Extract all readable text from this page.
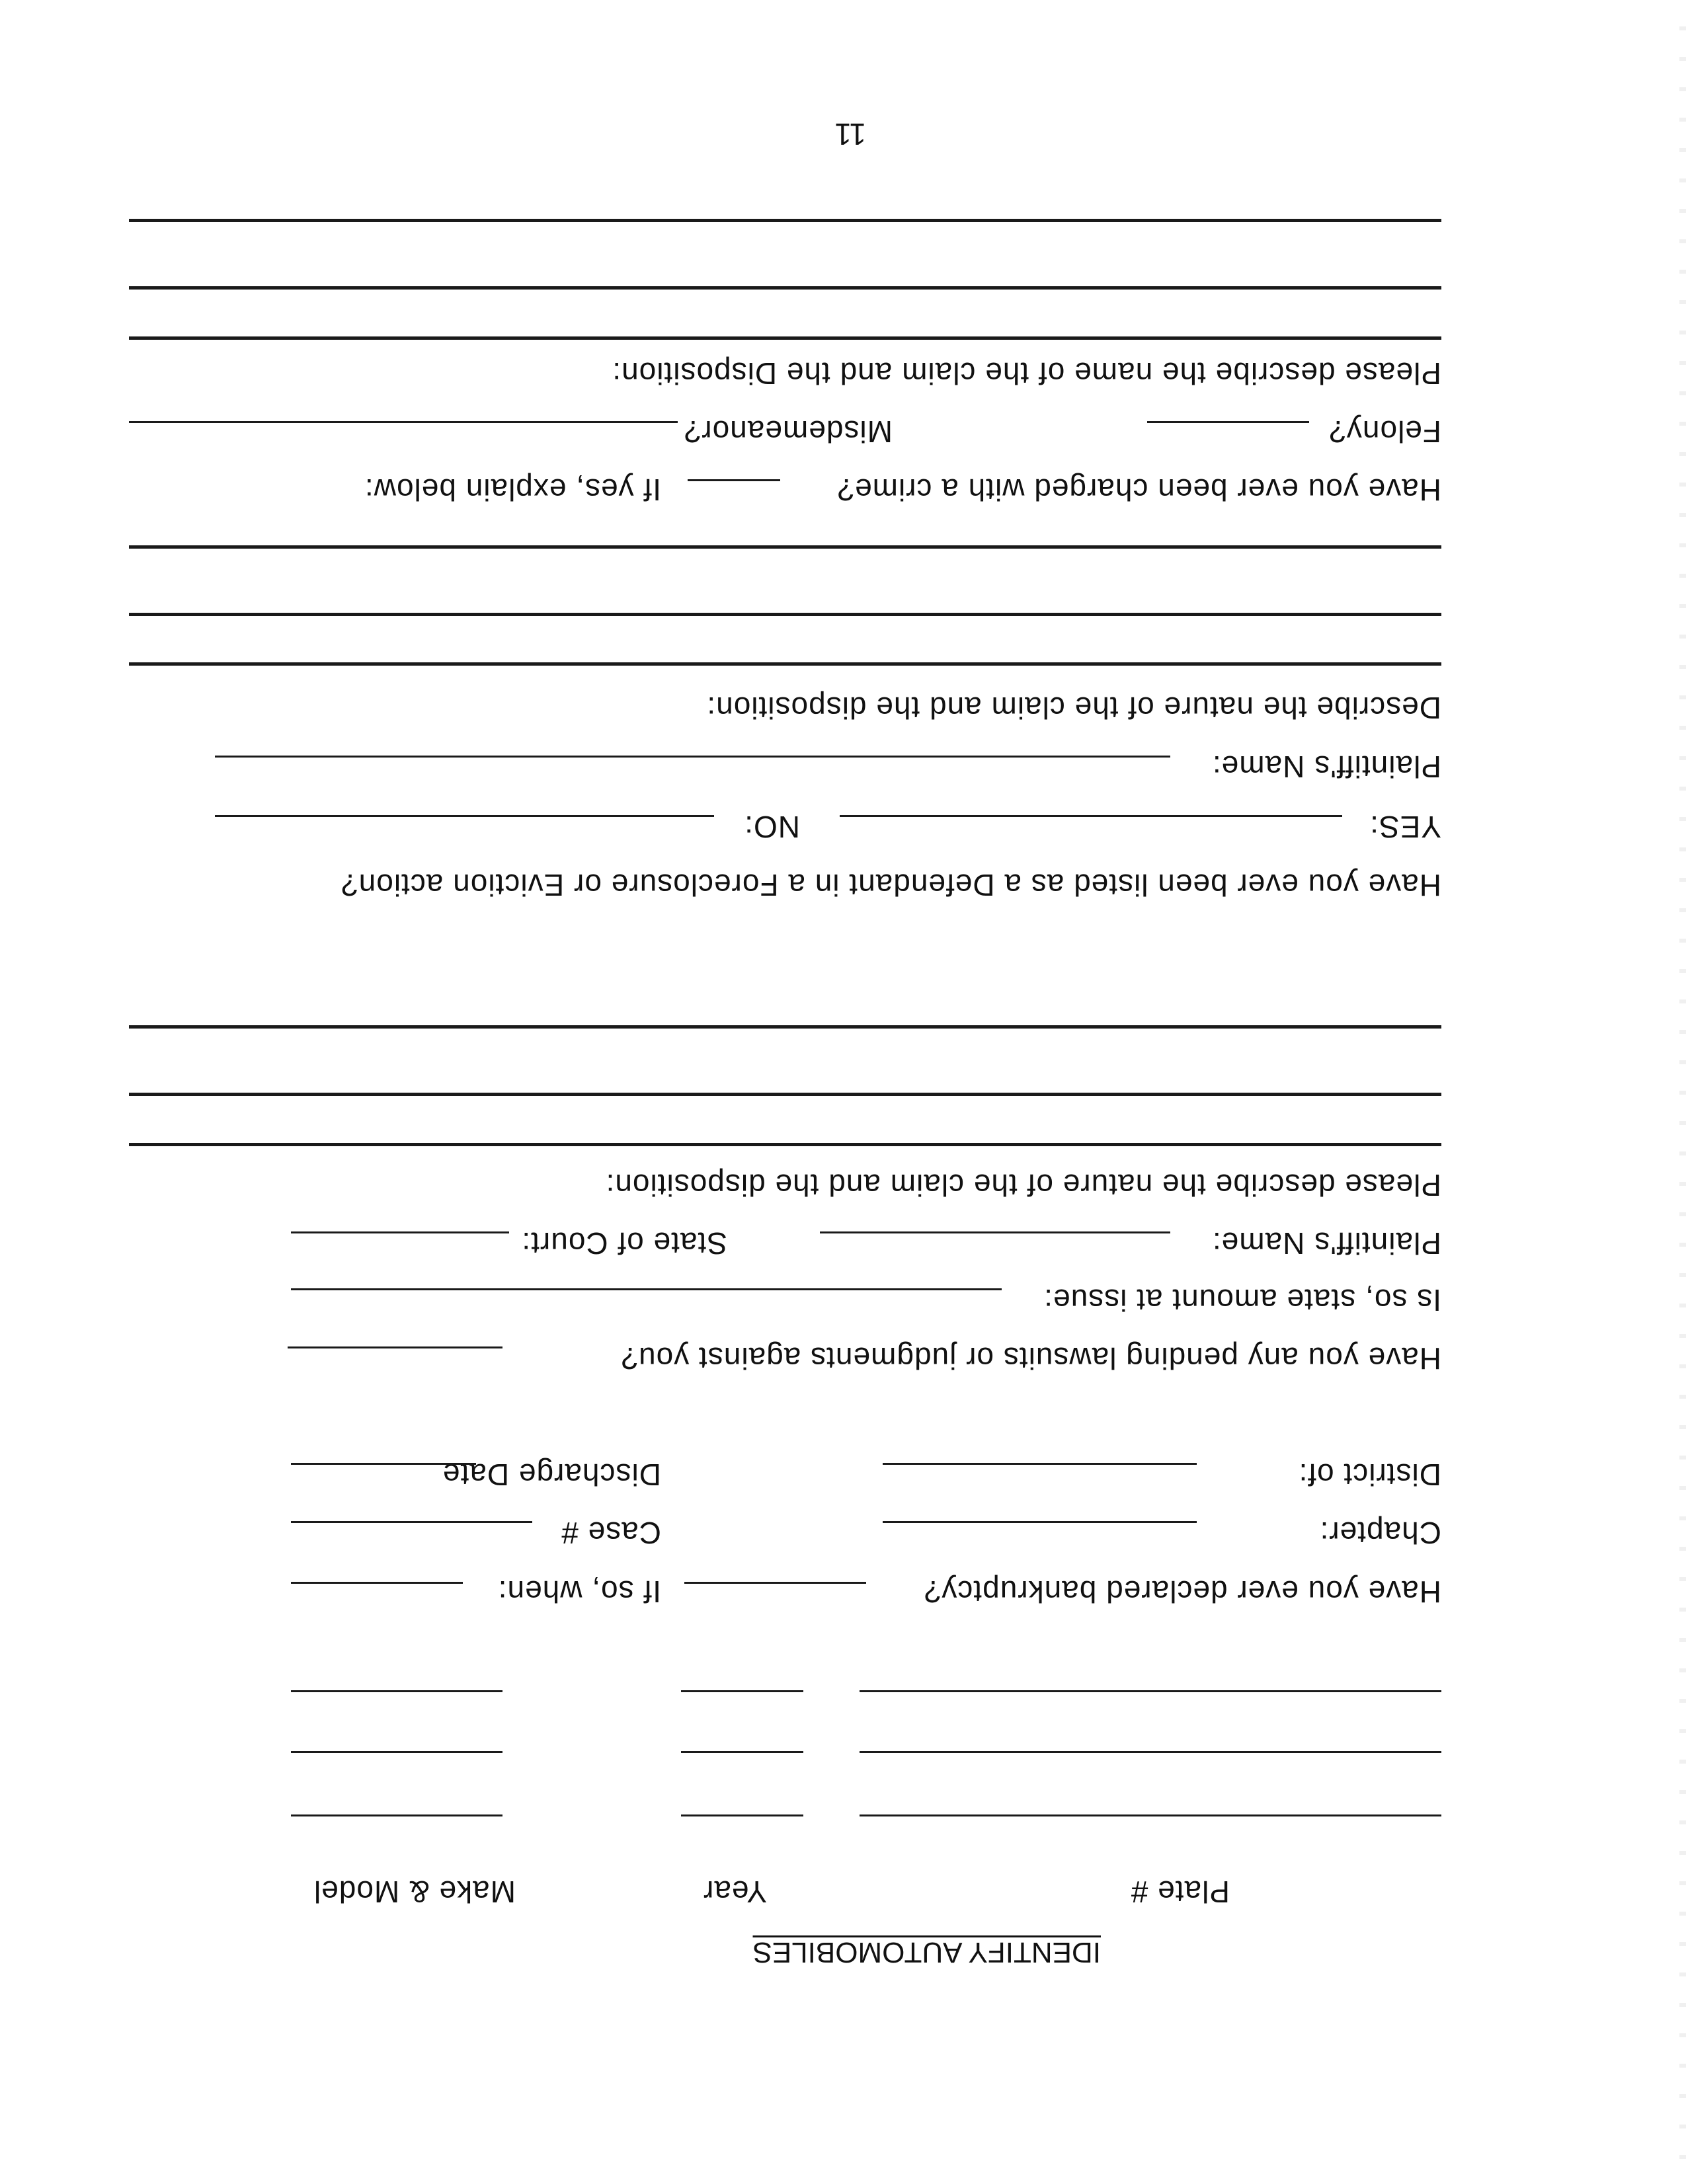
IDENTIFY AUTOMOBILES
Plate #
Year
Make & Model
Have you ever declared bankruptcy?
If so, when:
Chapter:
Case #
District of:
Discharge Date
Have you any pending lawsuits or judgments against you?
Is so, state amount at issue:
Plaintiff's Name:
State of Court:
Please describe the nature of the claim and the disposition:
Have you ever been listed as a Defendant in a Foreclosure or Eviction action?
YES:
NO:
Plaintiff's Name:
Describe the nature of the claim and the disposition:
Have you ever been charged with a crime?
If yes, explain below:
Felony?
Misdemeanor?
Please describe the name of the claim and the Disposition:
11
